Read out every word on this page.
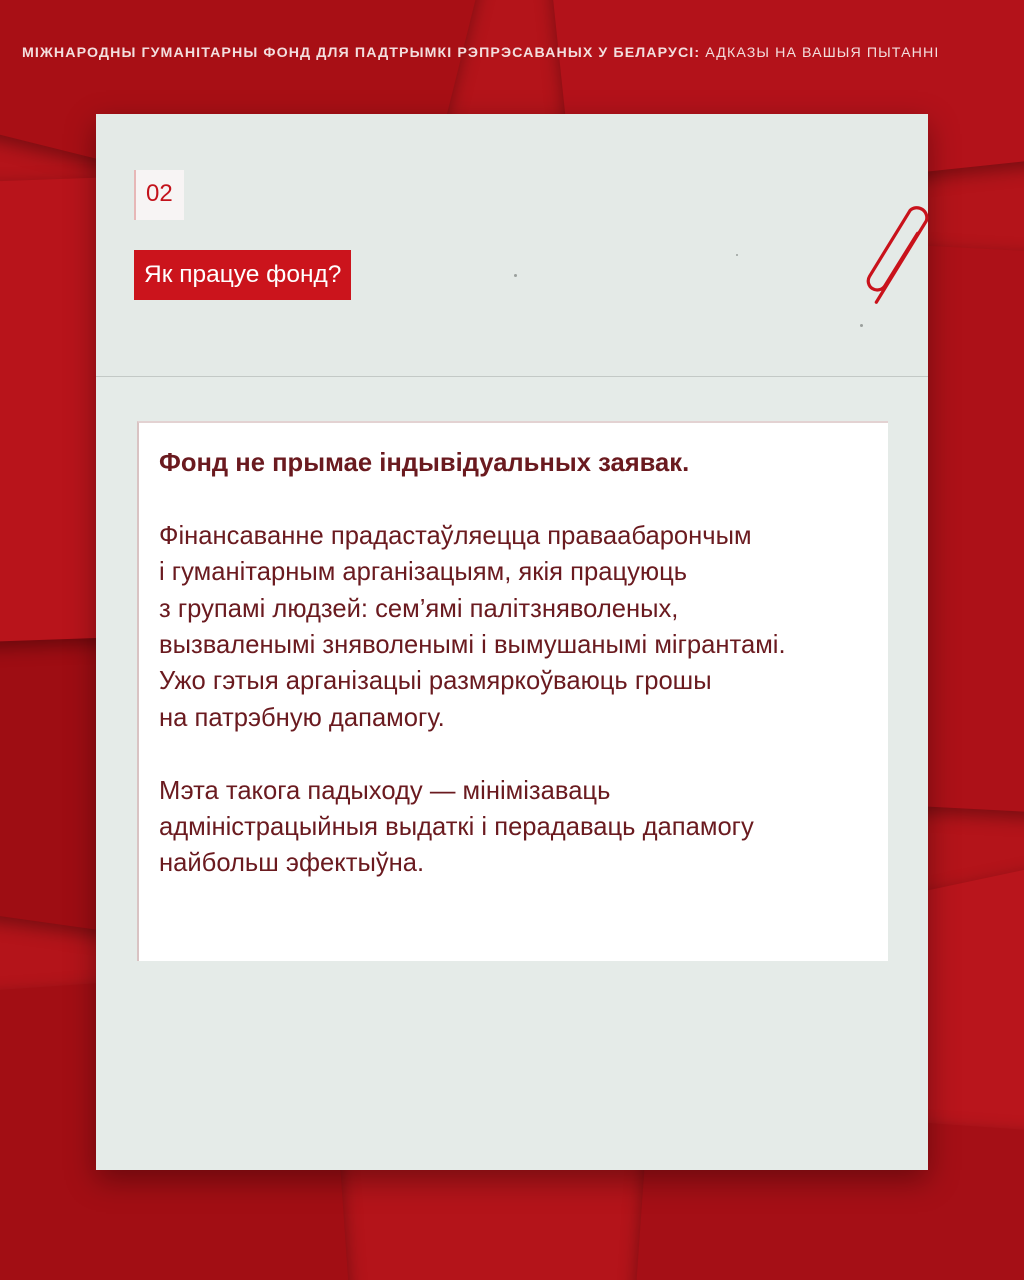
МІЖНАРОДНЫ ГУМАНІТАРНЫ ФОНД ДЛЯ ПАДТРЫМКІ РЭПРЭСАВАНЫХ У БЕЛАРУСІ: АДКАЗЫ НА ВАШЫЯ ПЫТАННІ
02
Як працуе фонд?
Фонд не прымае індывідуальных заявак.
Фінансаванне прадастаўляецца праваабарончым
і гуманітарным арганізацыям, якія працуюць
з групамі людзей: сем’ямі палітзняволеных,
вызваленымі зняволенымі і вымушанымі мігрантамі.
Ужо гэтыя арганізацыі размяркоўваюць грошы
на патрэбную дапамогу.
Мэта такога падыходу — мінімізаваць
адміністрацыйныя выдаткі і перадаваць дапамогу
найбольш эфектыўна.
